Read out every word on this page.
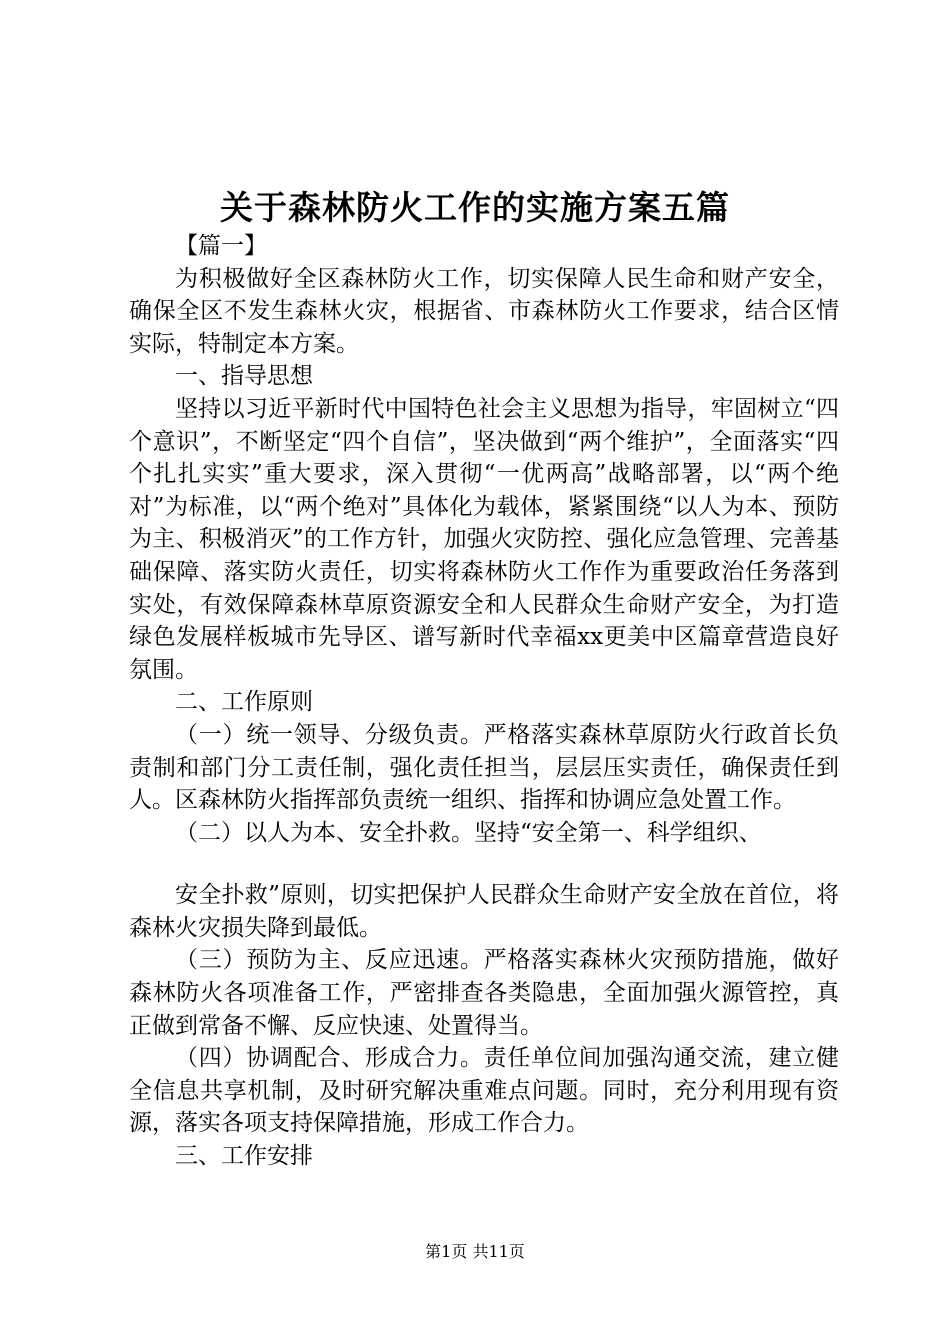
关于森林防火工作的实施方案五篇

【篇一】

为积极做好全区森林防火工作，切实保障人民生命和财产安全，确保全区不发生森林火灾，根据省、市森林防火工作要求，结合区情实际，特制定本方案。

一、指导思想

坚持以习近平新时代中国特色社会主义思想为指导，牢固树立“四个意识”，不断坚定“四个自信”，坚决做到“两个维护”，全面落实“四个扎扎实实”重大要求，深入贯彻“一优两高”战略部署，以“两个绝对”为标准，以“两个绝对”具体化为载体，紧紧围绕“以人为本、预防为主、积极消灭”的工作方针，加强火灾防控、强化应急管理、完善基础保障、落实防火责任，切实将森林防火工作作为重要政治任务落到实处，有效保障森林草原资源安全和人民群众生命财产安全，为打造绿色发展样板城市先导区、谱写新时代幸福xx更美中区篇章营造良好氛围。

二、工作原则

（一）统一领导、分级负责。严格落实森林草原防火行政首长负责制和部门分工责任制，强化责任担当，层层压实责任，确保责任到人。区森林防火指挥部负责统一组织、指挥和协调应急处置工作。

（二）以人为本、安全扑救。坚持“安全第一、科学组织、

安全扑救”原则，切实把保护人民群众生命财产安全放在首位，将森林火灾损失降到最低。

（三）预防为主、反应迅速。严格落实森林火灾预防措施，做好森林防火各项准备工作，严密排查各类隐患，全面加强火源管控，真正做到常备不懈、反应快速、处置得当。

（四）协调配合、形成合力。责任单位间加强沟通交流，建立健全信息共享机制，及时研究解决重难点问题。同时，充分利用现有资源，落实各项支持保障措施，形成工作合力。

三、工作安排

第1页 共11页
